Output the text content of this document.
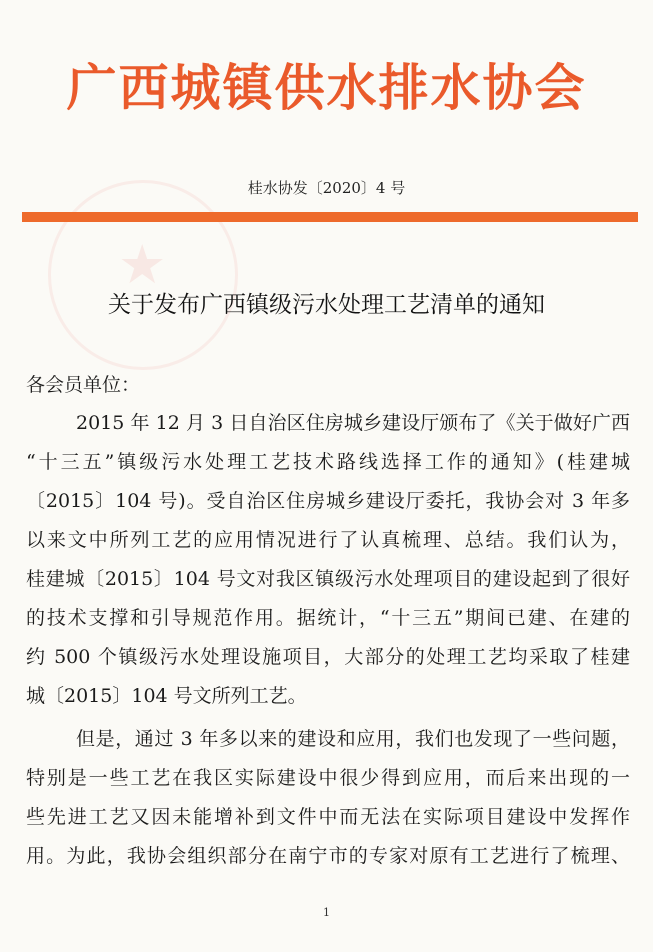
★
广西城镇供水排水协会
桂水协发〔2020〕4 号
关于发布广西镇级污水处理工艺清单的通知
各会员单位：
2015 年 12 月 3 日自治区住房城乡建设厅颁布了《关于做好广西
“十三五”镇级污水处理工艺技术路线选择工作的通知》(桂建城
〔2015〕104 号)。受自治区住房城乡建设厅委托，我协会对 3 年多
以来文中所列工艺的应用情况进行了认真梳理、总结。我们认为，
桂建城〔2015〕104 号文对我区镇级污水处理项目的建设起到了很好
的技术支撑和引导规范作用。据统计，“十三五”期间已建、在建的
约 500 个镇级污水处理设施项目，大部分的处理工艺均采取了桂建
城〔2015〕104 号文所列工艺。
但是，通过 3 年多以来的建设和应用，我们也发现了一些问题，
特别是一些工艺在我区实际建设中很少得到应用，而后来出现的一
些先进工艺又因未能增补到文件中而无法在实际项目建设中发挥作
用。为此，我协会组织部分在南宁市的专家对原有工艺进行了梳理、
1
